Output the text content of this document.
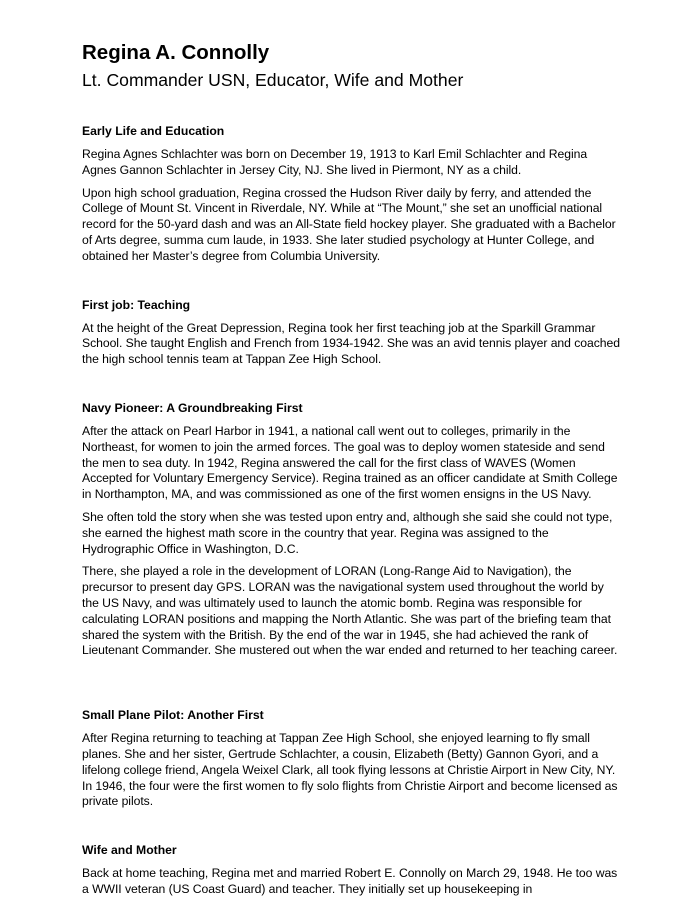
Regina A. Connolly
Lt. Commander USN, Educator, Wife and Mother
Early Life and Education

Regina Agnes Schlachter was born on December 19, 1913 to Karl Emil Schlachter and Regina Agnes Gannon Schlachter in Jersey City, NJ. She lived in Piermont, NY as a child.

Upon high school graduation, Regina crossed the Hudson River daily by ferry, and attended the College of Mount St. Vincent in Riverdale, NY. While at “The Mount,” she set an unofficial national record for the 50-yard dash and was an All-State field hockey player. She graduated with a Bachelor of Arts degree, summa cum laude, in 1933. She later studied psychology at Hunter College, and obtained her Master’s degree from Columbia University.

First job: Teaching

At the height of the Great Depression, Regina took her first teaching job at the Sparkill Grammar School. She taught English and French from 1934-1942. She was an avid tennis player and coached the high school tennis team at Tappan Zee High School.

Navy Pioneer: A Groundbreaking First

After the attack on Pearl Harbor in 1941, a national call went out to colleges, primarily in the Northeast, for women to join the armed forces. The goal was to deploy women stateside and send the men to sea duty. In 1942, Regina answered the call for the first class of WAVES (Women Accepted for Voluntary Emergency Service). Regina trained as an officer candidate at Smith College in Northampton, MA, and was commissioned as one of the first women ensigns in the US Navy.

She often told the story when she was tested upon entry and, although she said she could not type, she earned the highest math score in the country that year. Regina was assigned to the Hydrographic Office in Washington, D.C.

There, she played a role in the development of LORAN (Long-Range Aid to Navigation), the precursor to present day GPS. LORAN was the navigational system used throughout the world by the US Navy, and was ultimately used to launch the atomic bomb. Regina was responsible for calculating LORAN positions and mapping the North Atlantic. She was part of the briefing team that shared the system with the British. By the end of the war in 1945, she had achieved the rank of Lieutenant Commander. She mustered out when the war ended and returned to her teaching career.

Small Plane Pilot: Another First

After Regina returning to teaching at Tappan Zee High School, she enjoyed learning to fly small planes. She and her sister, Gertrude Schlachter, a cousin, Elizabeth (Betty) Gannon Gyori, and a lifelong college friend, Angela Weixel Clark, all took flying lessons at Christie Airport in New City, NY. In 1946, the four were the first women to fly solo flights from Christie Airport and become licensed as private pilots.

Wife and Mother

Back at home teaching, Regina met and married Robert E. Connolly on March 29, 1948. He too was a WWII veteran (US Coast Guard) and teacher. They initially set up housekeeping in
